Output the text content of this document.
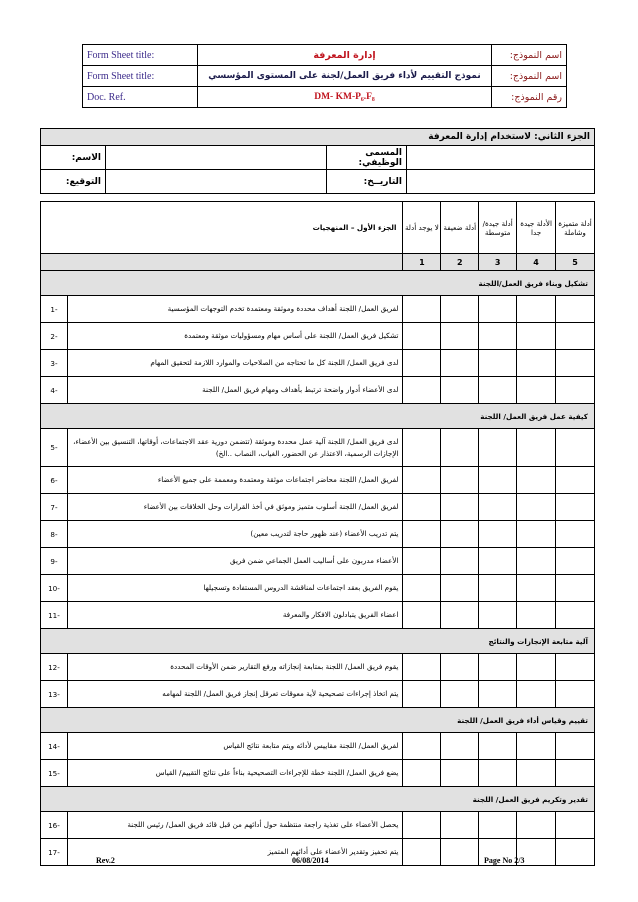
Form Sheet title:	إدارة المعرفة	اسم النموذج:
Form Sheet title:	نموذج التقييم لأداء فريق العمل/لجنة على المستوى المؤسسي	اسم النموذج:
Doc. Ref.	DM- KM-P₆.F₈	رقم النموذج:
الجزء الثاني: لاستخدام إدارة المعرفة			
الاسم:		المسمى الوظيفي:	
التوقيع:		التاريــخ:	
الجزء الأول – المنهجيات		لا يوجد أدلة	أدلة ضعيفة	أدلة جيدة/ متوسطة	الأدلة جيدة جدا	أدلة متميزة وشاملة
		1	2	3	4	5
تشكيل وبناء فريق العمل/اللجنة						
-1	لفريق العمل/ اللجنة أهداف محددة وموثقة ومعتمدة تخدم التوجهات المؤسسية					
-2	تشكيل فريق العمل/ اللجنة على أساس مهام ومسؤوليات موثقة ومعتمدة					
-3	لدى فريق العمل/ اللجنة كل ما تحتاجه من الصلاحيات والموارد اللازمة لتحقيق المهام					
-4	لدى الأعضاء أدوار واضحة ترتبط بأهداف ومهام فريق العمل/ اللجنة					
كيفية عمل فريق العمل/ اللجنة						
-5	لدى فريق العمل/ اللجنة آلية عمل محددة وموثقة (تتضمن دورية عقد الاجتماعات، أوقاتها، التنسيق بين الأعضاء، الإجازات الرسمية، الاعتذار عن الحضور، الغياب، النصاب ..الخ)					
-6	لفريق العمل/ اللجنة محاضر اجتماعات موثقة ومعتمدة ومعممة على جميع الأعضاء					
-7	لفريق العمل/ اللجنة أسلوب متميز وموثق في أخذ القرارات وحل الخلافات بين الأعضاء					
-8	يتم تدريب الأعضاء (عند ظهور حاجة لتدريب معين)					
-9	الأعضاء مدربون على أساليب العمل الجماعي ضمن فريق					
-10	يقوم الفريق بعقد اجتماعات لمناقشة الدروس المستفادة وتسجيلها					
-11	اعضاء الفريق يتبادلون الافكار والمعرفة					
آلية متابعة الإنجازات والنتائج						
-12	يقوم فريق العمل/ اللجنة بمتابعة إنجازاته ورفع التقارير ضمن الأوقات المحددة					
-13	يتم اتخاذ إجراءات تصحيحية لأية معوقات تعرقل إنجاز فريق العمل/ اللجنة لمهامه					
تقييم وقياس أداء فريق العمل/ اللجنة						
-14	لفريق العمل/ اللجنة مقاييس لأدائه ويتم متابعة نتائج القياس					
-15	يضع فريق العمل/ اللجنة خطة للإجراءات التصحيحية بناءاً على نتائج التقييم/ القياس					
تقدير وتكريم فريق العمل/ اللجنة						
-16	يحصل الأعضاء على تغذية راجعة منتظمة حول أدائهم من قبل قائد فريق العمل/ رئيس اللجنة					
-17	يتم تحفيز وتقدير الأعضاء على أدائهم المتميز					
Rev.2	06/08/2014	Page No 2/3
